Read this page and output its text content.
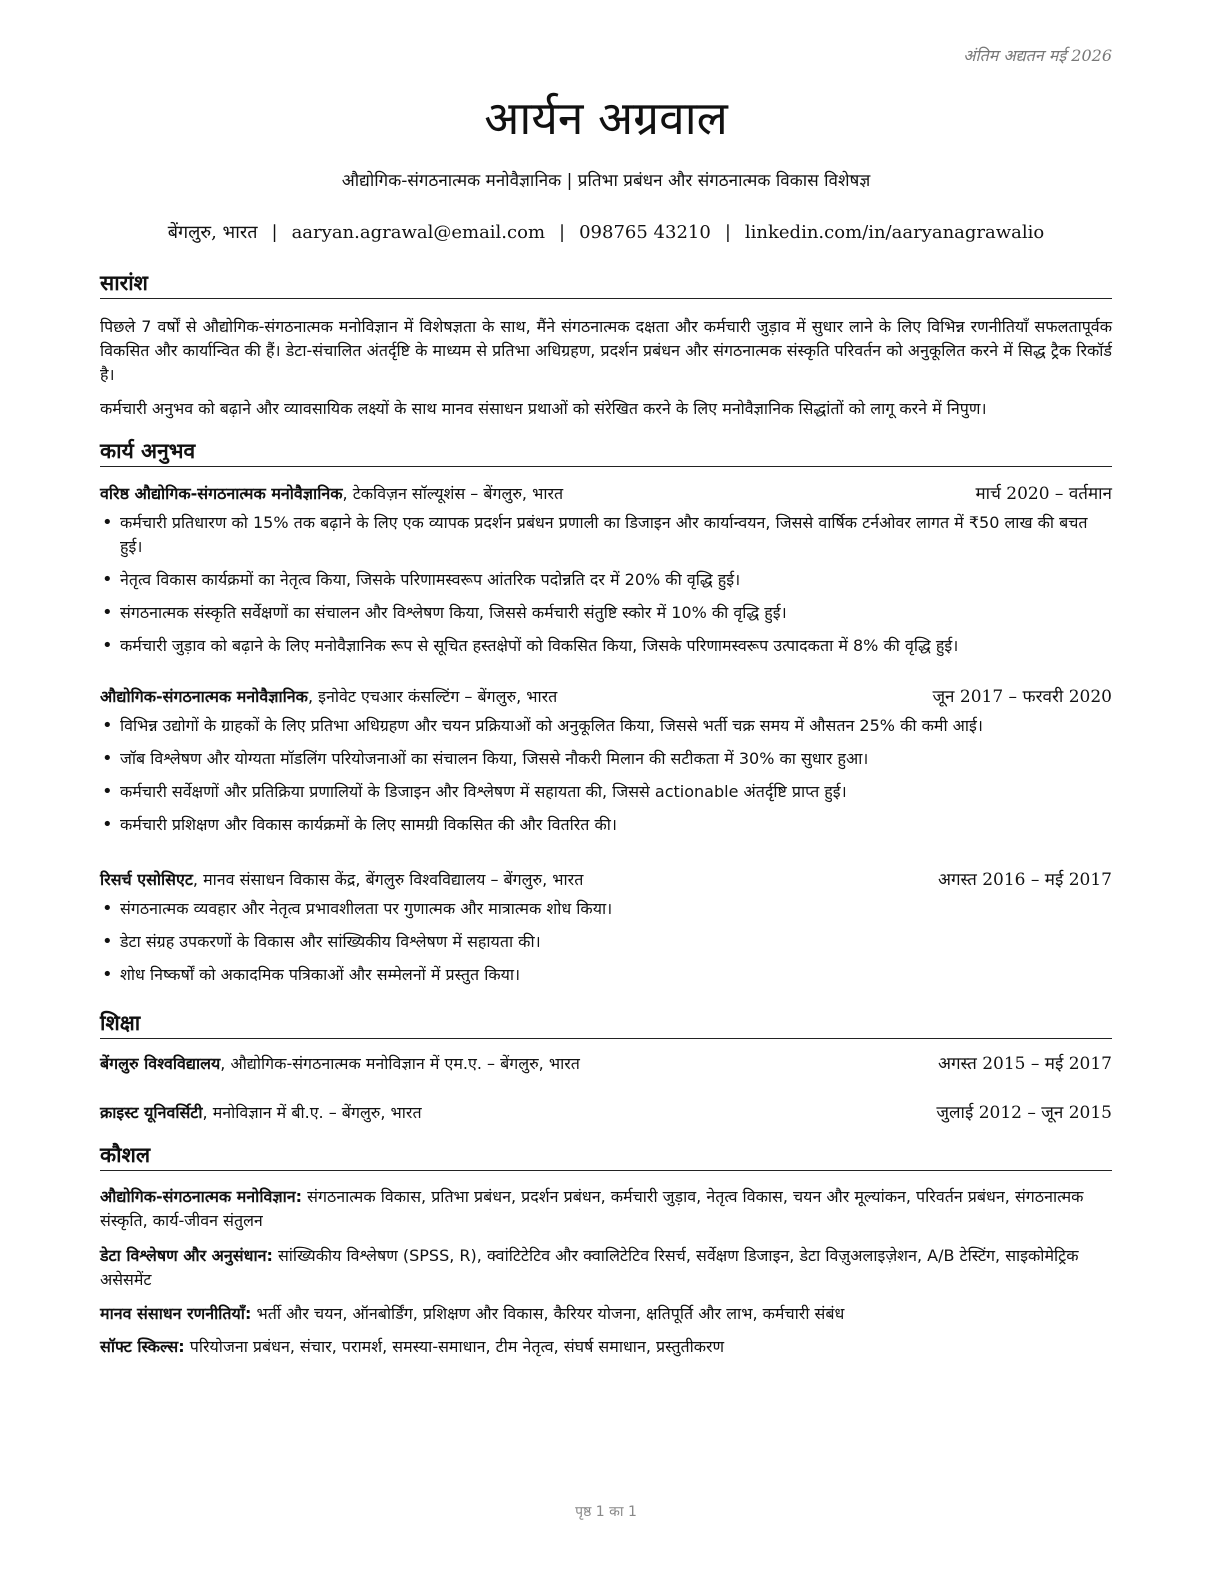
अंतिम अद्यतन मई 2026
आर्यन अग्रवाल
औद्योगिक-संगठनात्मक मनोवैज्ञानिक | प्रतिभा प्रबंधन और संगठनात्मक विकास विशेषज्ञ
बेंगलुरु, भारत | aaryan.agrawal@email.com | 098765 43210 | linkedin.com/in/aaryanagrawalio
सारांश
पिछले 7 वर्षों से औद्योगिक-संगठनात्मक मनोविज्ञान में विशेषज्ञता के साथ, मैंने संगठनात्मक दक्षता और कर्मचारी जुड़ाव में सुधार लाने के लिए विभिन्न रणनीतियाँ सफलतापूर्वक विकसित और कार्यान्वित की हैं। डेटा-संचालित अंतर्दृष्टि के माध्यम से प्रतिभा अधिग्रहण, प्रदर्शन प्रबंधन और संगठनात्मक संस्कृति परिवर्तन को अनुकूलित करने में सिद्ध ट्रैक रिकॉर्ड है।
कर्मचारी अनुभव को बढ़ाने और व्यावसायिक लक्ष्यों के साथ मानव संसाधन प्रथाओं को संरेखित करने के लिए मनोवैज्ञानिक सिद्धांतों को लागू करने में निपुण।
कार्य अनुभव
वरिष्ठ औद्योगिक-संगठनात्मक मनोवैज्ञानिक, टेकविज़न सॉल्यूशंस – बेंगलुरु, भारत	मार्च 2020 – वर्तमान
• कर्मचारी प्रतिधारण को 15% तक बढ़ाने के लिए एक व्यापक प्रदर्शन प्रबंधन प्रणाली का डिजाइन और कार्यान्वयन, जिससे वार्षिक टर्नओवर लागत में ₹50 लाख की बचत हुई।
• नेतृत्व विकास कार्यक्रमों का नेतृत्व किया, जिसके परिणामस्वरूप आंतरिक पदोन्नति दर में 20% की वृद्धि हुई।
• संगठनात्मक संस्कृति सर्वेक्षणों का संचालन और विश्लेषण किया, जिससे कर्मचारी संतुष्टि स्कोर में 10% की वृद्धि हुई।
• कर्मचारी जुड़ाव को बढ़ाने के लिए मनोवैज्ञानिक रूप से सूचित हस्तक्षेपों को विकसित किया, जिसके परिणामस्वरूप उत्पादकता में 8% की वृद्धि हुई।
औद्योगिक-संगठनात्मक मनोवैज्ञानिक, इनोवेट एचआर कंसल्टिंग – बेंगलुरु, भारत	जून 2017 – फरवरी 2020
• विभिन्न उद्योगों के ग्राहकों के लिए प्रतिभा अधिग्रहण और चयन प्रक्रियाओं को अनुकूलित किया, जिससे भर्ती चक्र समय में औसतन 25% की कमी आई।
• जॉब विश्लेषण और योग्यता मॉडलिंग परियोजनाओं का संचालन किया, जिससे नौकरी मिलान की सटीकता में 30% का सुधार हुआ।
• कर्मचारी सर्वेक्षणों और प्रतिक्रिया प्रणालियों के डिजाइन और विश्लेषण में सहायता की, जिससे actionable अंतर्दृष्टि प्राप्त हुई।
• कर्मचारी प्रशिक्षण और विकास कार्यक्रमों के लिए सामग्री विकसित की और वितरित की।
रिसर्च एसोसिएट, मानव संसाधन विकास केंद्र, बेंगलुरु विश्वविद्यालय – बेंगलुरु, भारत	अगस्त 2016 – मई 2017
• संगठनात्मक व्यवहार और नेतृत्व प्रभावशीलता पर गुणात्मक और मात्रात्मक शोध किया।
• डेटा संग्रह उपकरणों के विकास और सांख्यिकीय विश्लेषण में सहायता की।
• शोध निष्कर्षों को अकादमिक पत्रिकाओं और सम्मेलनों में प्रस्तुत किया।
शिक्षा
बेंगलुरु विश्वविद्यालय, औद्योगिक-संगठनात्मक मनोविज्ञान में एम.ए. – बेंगलुरु, भारत	अगस्त 2015 – मई 2017
क्राइस्ट यूनिवर्सिटी, मनोविज्ञान में बी.ए. – बेंगलुरु, भारत	जुलाई 2012 – जून 2015
कौशल
औद्योगिक-संगठनात्मक मनोविज्ञान: संगठनात्मक विकास, प्रतिभा प्रबंधन, प्रदर्शन प्रबंधन, कर्मचारी जुड़ाव, नेतृत्व विकास, चयन और मूल्यांकन, परिवर्तन प्रबंधन, संगठनात्मक संस्कृति, कार्य-जीवन संतुलन
डेटा विश्लेषण और अनुसंधान: सांख्यिकीय विश्लेषण (SPSS, R), क्वांटिटेटिव और क्वालिटेटिव रिसर्च, सर्वेक्षण डिजाइन, डेटा विज़ुअलाइज़ेशन, A/B टेस्टिंग, साइकोमेट्रिक असेसमेंट
मानव संसाधन रणनीतियाँ: भर्ती और चयन, ऑनबोर्डिंग, प्रशिक्षण और विकास, कैरियर योजना, क्षतिपूर्ति और लाभ, कर्मचारी संबंध
सॉफ्ट स्किल्स: परियोजना प्रबंधन, संचार, परामर्श, समस्या-समाधान, टीम नेतृत्व, संघर्ष समाधान, प्रस्तुतीकरण
पृष्ठ 1 का 1
